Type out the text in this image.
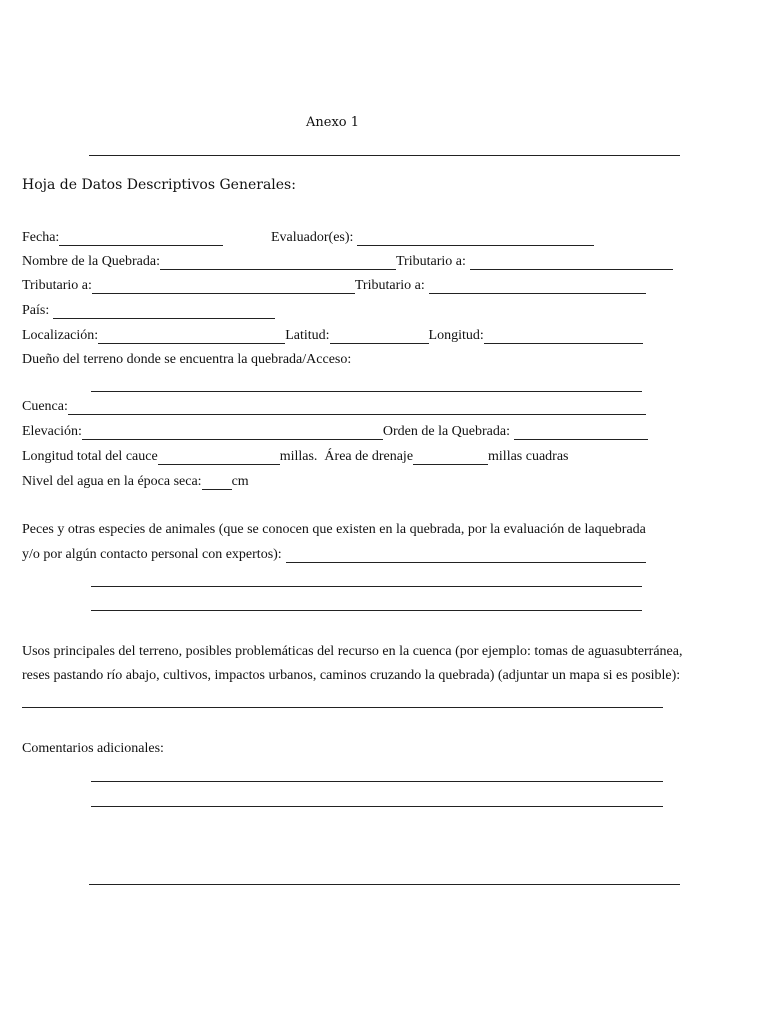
Anexo 1
Hoja de Datos Descriptivos Generales:
Fecha:	Evaluador(es):
Nombre de la Quebrada:	Tributario a:
Tributario a:	Tributario a:
País:
Localización:	Latitud:	Longitud:
Dueño del terreno donde se encuentra la quebrada/Acceso:
Cuenca:
Elevación:	Orden de la Quebrada:
Longitud total del cauce	millas. Área de drenaje	millas cuadras
Nivel del agua en la época seca: cm
Peces y otras especies de animales (que se conocen que existen en la quebrada, por la evaluación de laquebrada
y/o por algún contacto personal con expertos):
Usos principales del terreno, posibles problemáticas del recurso en la cuenca (por ejemplo: tomas de aguasubterránea,
reses pastando río abajo, cultivos, impactos urbanos, caminos cruzando la quebrada) (adjuntar un mapa si es posible):
Comentarios adicionales:
